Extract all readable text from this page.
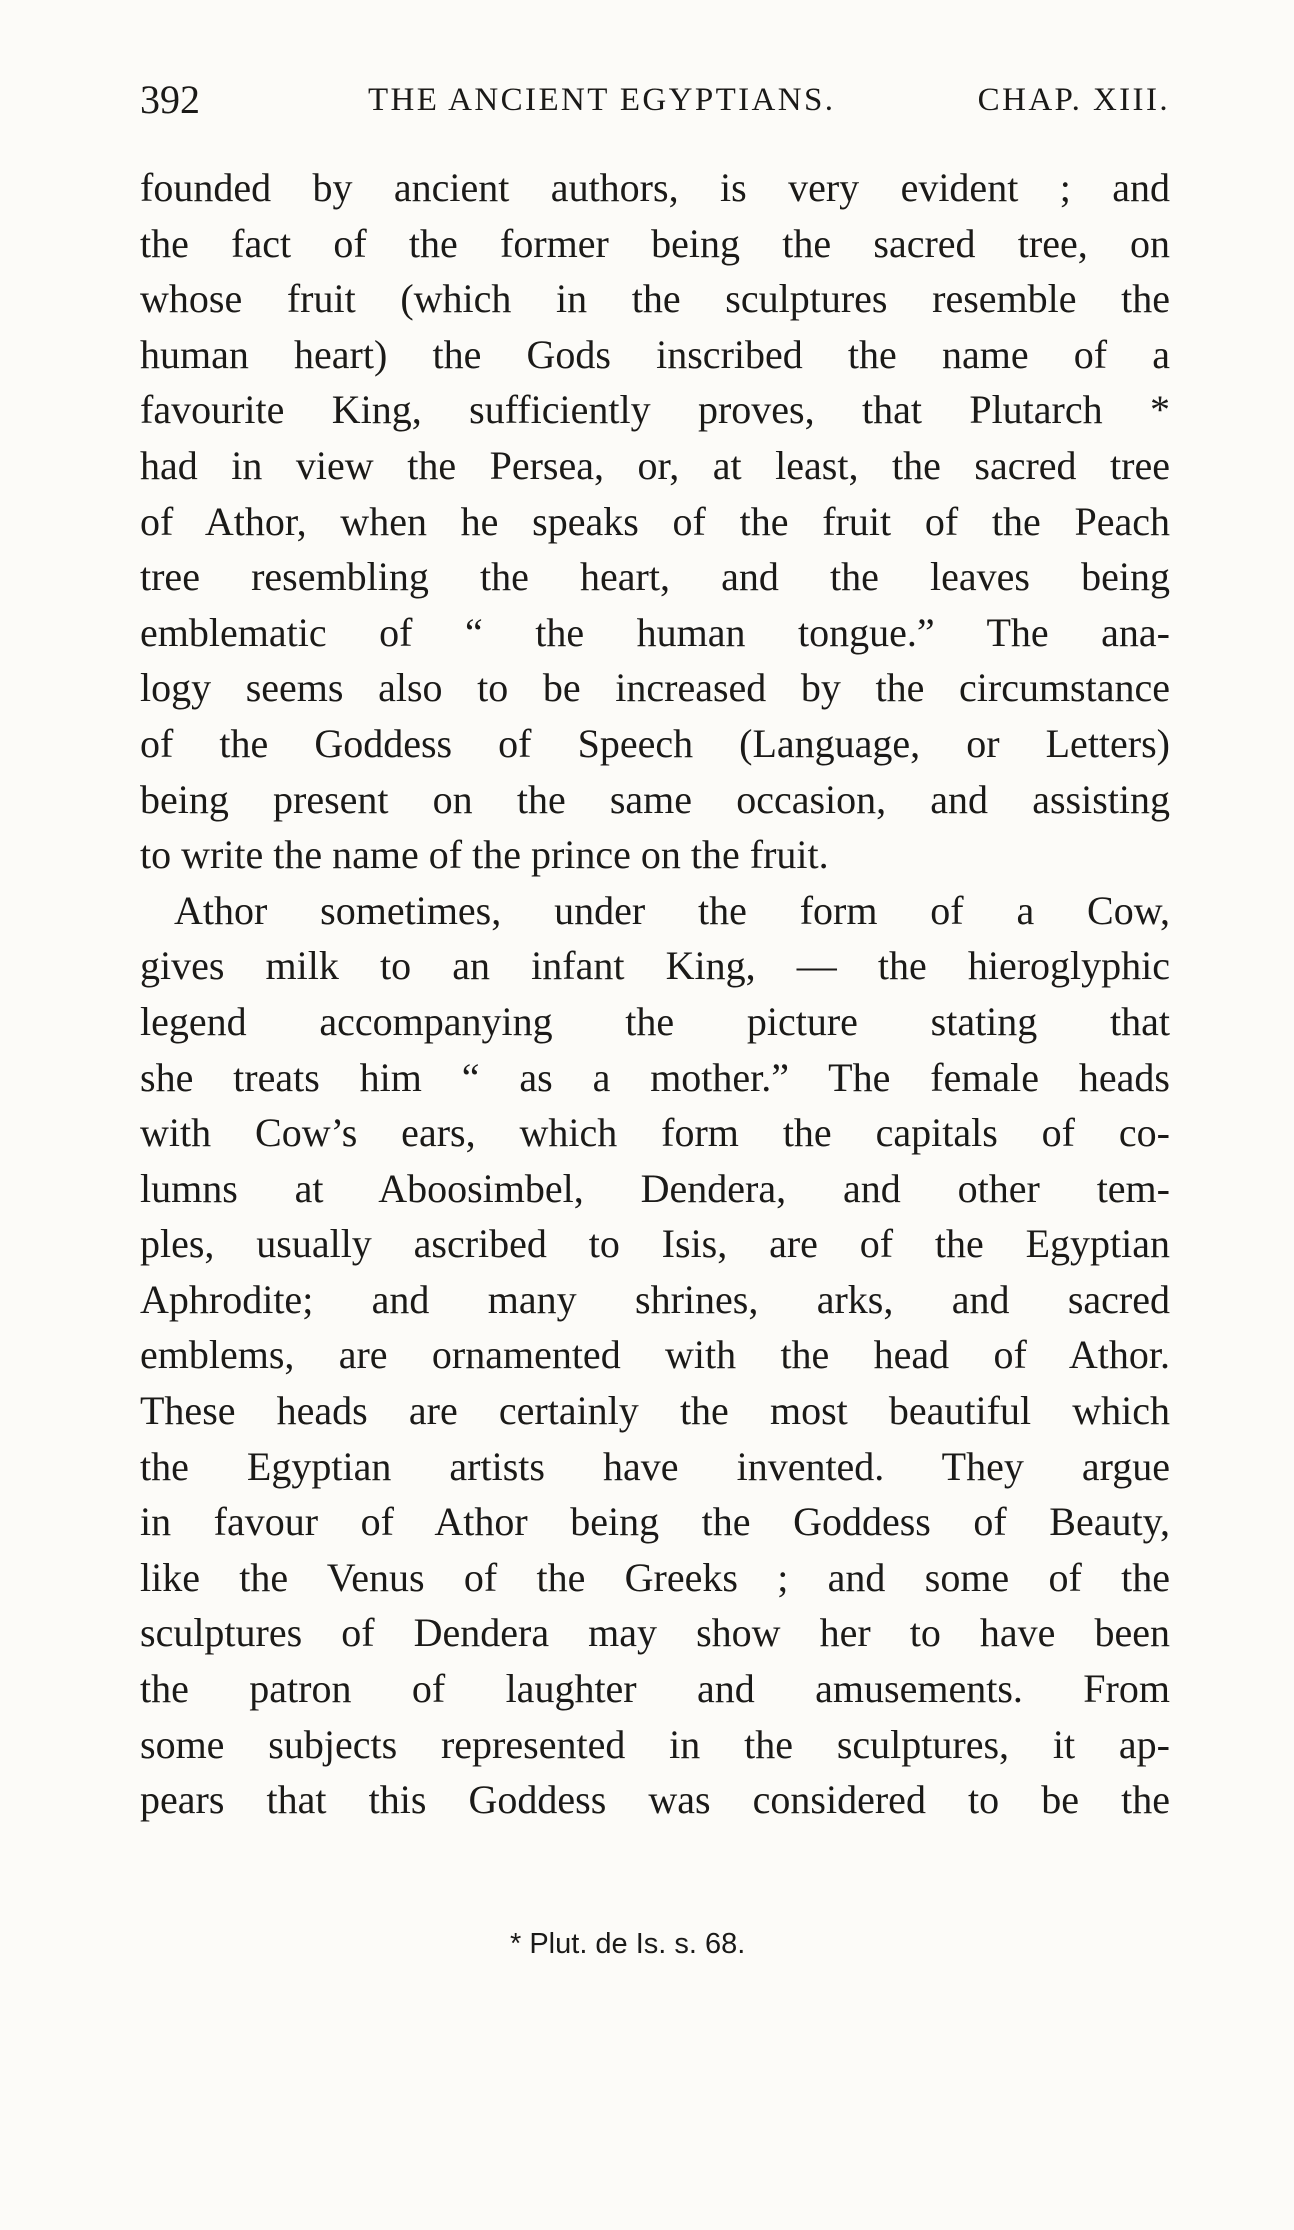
392	THE ANCIENT EGYPTIANS.	CHAP. XIII.
founded by ancient authors, is very evident ; and
the fact of the former being the sacred tree, on
whose fruit (which in the sculptures resemble the
human heart) the Gods inscribed the name of a
favourite King, sufficiently proves, that Plutarch *
had in view the Persea, or, at least, the sacred tree
of Athor, when he speaks of the fruit of the Peach
tree resembling the heart, and the leaves being
emblematic of “ the human tongue.” The ana-
logy seems also to be increased by the circumstance
of the Goddess of Speech (Language, or Letters)
being present on the same occasion, and assisting
to write the name of the prince on the fruit.
Athor sometimes, under the form of a Cow,
gives milk to an infant King, — the hieroglyphic
legend accompanying the picture stating that
she treats him “ as a mother.” The female heads
with Cow’s ears, which form the capitals of co-
lumns at Aboosimbel, Dendera, and other tem-
ples, usually ascribed to Isis, are of the Egyptian
Aphrodite; and many shrines, arks, and sacred
emblems, are ornamented with the head of Athor.
These heads are certainly the most beautiful which
the Egyptian artists have invented. They argue
in favour of Athor being the Goddess of Beauty,
like the Venus of the Greeks ; and some of the
sculptures of Dendera may show her to have been
the patron of laughter and amusements. From
some subjects represented in the sculptures, it ap-
pears that this Goddess was considered to be the
* Plut. de Is. s. 68.
